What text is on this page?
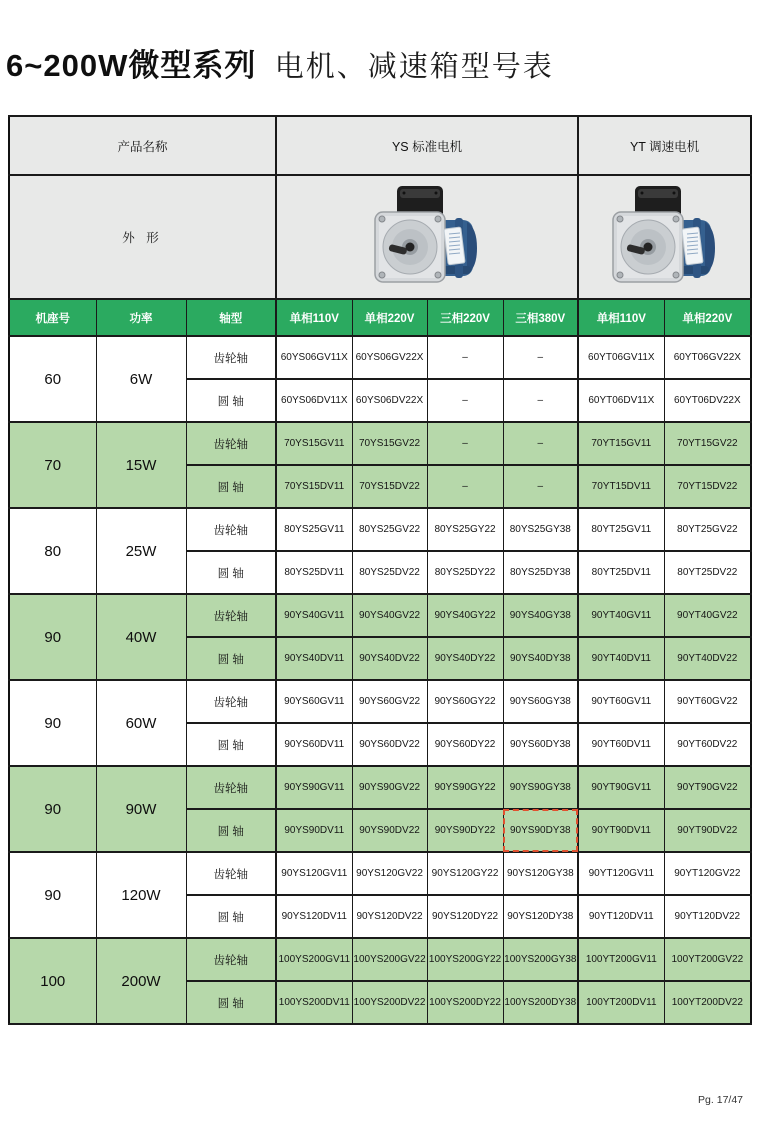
6~200W微型系列 电机、减速箱型号表
产品名称			YS 标准电机				YT 调速电机	
外 形		
机座号	功率	轴型	单相110V	单相220V	三相220V	三相380V	单相110V	单相220V
60	6W	齿轮轴	60YS06GV11X	60YS06GV22X	–	–	60YT06GV11X	60YT06GV22X
		圆 轴	60YS06DV11X	60YS06DV22X	–	–	60YT06DV11X	60YT06DV22X
70	15W	齿轮轴	70YS15GV11	70YS15GV22	–	–	70YT15GV11	70YT15GV22
		圆 轴	70YS15DV11	70YS15DV22	–	–	70YT15DV11	70YT15DV22
80	25W	齿轮轴	80YS25GV11	80YS25GV22	80YS25GY22	80YS25GY38	80YT25GV11	80YT25GV22
		圆 轴	80YS25DV11	80YS25DV22	80YS25DY22	80YS25DY38	80YT25DV11	80YT25DV22
90	40W	齿轮轴	90YS40GV11	90YS40GV22	90YS40GY22	90YS40GY38	90YT40GV11	90YT40GV22
		圆 轴	90YS40DV11	90YS40DV22	90YS40DY22	90YS40DY38	90YT40DV11	90YT40DV22
90	60W	齿轮轴	90YS60GV11	90YS60GV22	90YS60GY22	90YS60GY38	90YT60GV11	90YT60GV22
		圆 轴	90YS60DV11	90YS60DV22	90YS60DY22	90YS60DY38	90YT60DV11	90YT60DV22
90	90W	齿轮轴	90YS90GV11	90YS90GV22	90YS90GY22	90YS90GY38	90YT90GV11	90YT90GV22
		圆 轴	90YS90DV11	90YS90DV22	90YS90DY22	90YS90DY38	90YT90DV11	90YT90DV22
90	120W	齿轮轴	90YS120GV11	90YS120GV22	90YS120GY22	90YS120GY38	90YT120GV11	90YT120GV22
		圆 轴	90YS120DV11	90YS120DV22	90YS120DY22	90YS120DY38	90YT120DV11	90YT120DV22
100	200W	齿轮轴	100YS200GV11	100YS200GV22	100YS200GY22	100YS200GY38	100YT200GV11	100YT200GV22
		圆 轴	100YS200DV11	100YS200DV22	100YS200DY22	100YS200DY38	100YT200DV11	100YT200DV22
Pg. 17/47
